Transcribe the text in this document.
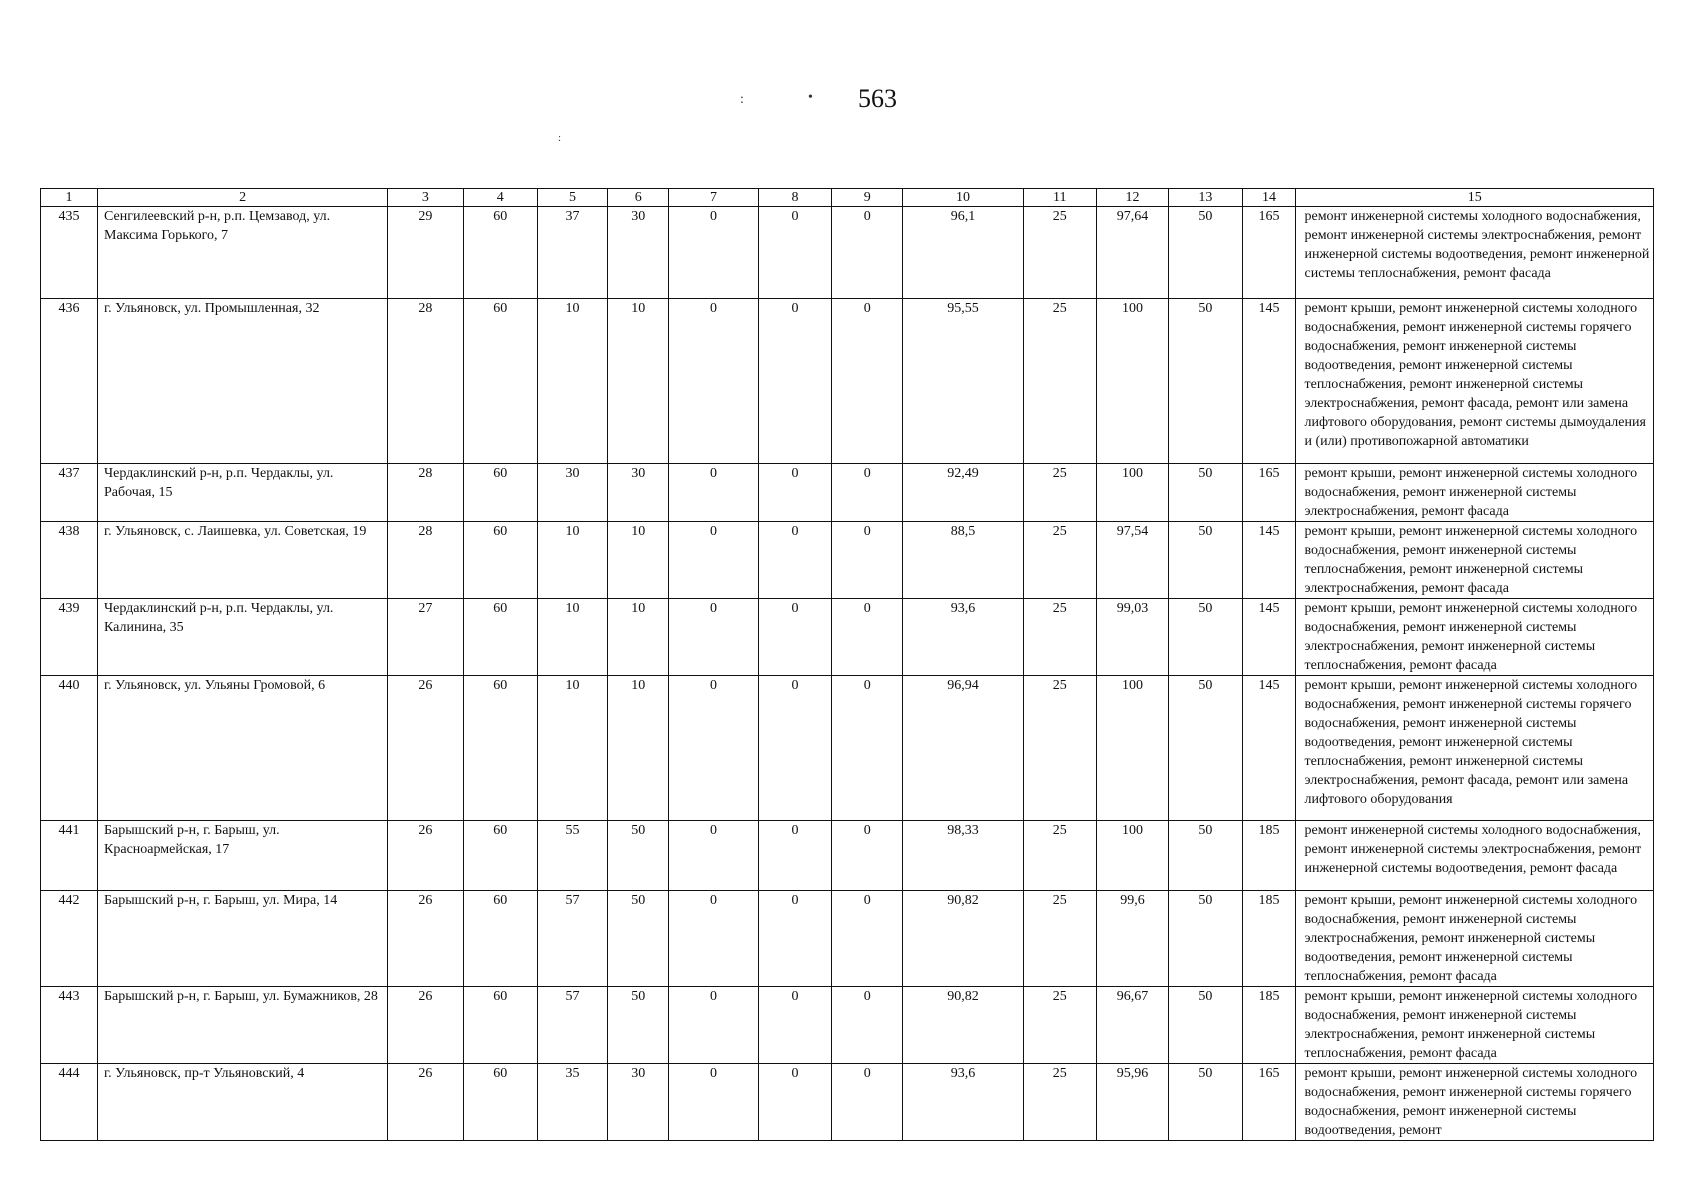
563
:	•
:
1	2	3	4	5	6	7	8	9	10	11	12	13	14	15
435	Сенгилеевский р-н, р.п. Цемзавод, ул. Максима Горького, 7	29	60	37	30	0	0	0	96,1	25	97,64	50	165	ремонт инженерной системы холодного водоснабжения, ремонт инженерной системы электроснабжения, ремонт инженерной системы водоотведения, ремонт инженерной системы теплоснабжения, ремонт фасада
436	г. Ульяновск, ул. Промышленная, 32	28	60	10	10	0	0	0	95,55	25	100	50	145	ремонт крыши, ремонт инженерной системы холодного водоснабжения, ремонт инженерной системы горячего водоснабжения, ремонт инженерной системы водоотведения, ремонт инженерной системы теплоснабжения, ремонт инженерной системы электроснабжения, ремонт фасада, ремонт или замена лифтового оборудования, ремонт системы дымоудаления и (или) противопожарной автоматики
437	Чердаклинский р-н, р.п. Чердаклы, ул. Рабочая, 15	28	60	30	30	0	0	0	92,49	25	100	50	165	ремонт крыши, ремонт инженерной системы холодного водоснабжения, ремонт инженерной системы электроснабжения, ремонт фасада
438	г. Ульяновск, с. Лаишевка, ул. Советская, 19	28	60	10	10	0	0	0	88,5	25	97,54	50	145	ремонт крыши, ремонт инженерной системы холодного водоснабжения, ремонт инженерной системы теплоснабжения, ремонт инженерной системы электроснабжения, ремонт фасада
439	Чердаклинский р-н, р.п. Чердаклы, ул. Калинина, 35	27	60	10	10	0	0	0	93,6	25	99,03	50	145	ремонт крыши, ремонт инженерной системы холодного водоснабжения, ремонт инженерной системы электроснабжения, ремонт инженерной системы теплоснабжения, ремонт фасада
440	г. Ульяновск, ул. Ульяны Громовой, 6	26	60	10	10	0	0	0	96,94	25	100	50	145	ремонт крыши, ремонт инженерной системы холодного водоснабжения, ремонт инженерной системы горячего водоснабжения, ремонт инженерной системы водоотведения, ремонт инженерной системы теплоснабжения, ремонт инженерной системы электроснабжения, ремонт фасада, ремонт или замена лифтового оборудования
441	Барышский р-н, г. Барыш, ул. Красноармейская, 17	26	60	55	50	0	0	0	98,33	25	100	50	185	ремонт инженерной системы холодного водоснабжения, ремонт инженерной системы электроснабжения, ремонт инженерной системы водоотведения, ремонт фасада
442	Барышский р-н, г. Барыш, ул. Мира, 14	26	60	57	50	0	0	0	90,82	25	99,6	50	185	ремонт крыши, ремонт инженерной системы холодного водоснабжения, ремонт инженерной системы электроснабжения, ремонт инженерной системы водоотведения, ремонт инженерной системы теплоснабжения, ремонт фасада
443	Барышский р-н, г. Барыш, ул. Бумажников, 28	26	60	57	50	0	0	0	90,82	25	96,67	50	185	ремонт крыши, ремонт инженерной системы холодного водоснабжения, ремонт инженерной системы электроснабжения, ремонт инженерной системы теплоснабжения, ремонт фасада
444	г. Ульяновск, пр-т Ульяновский, 4	26	60	35	30	0	0	0	93,6	25	95,96	50	165	ремонт крыши, ремонт инженерной системы холодного водоснабжения, ремонт инженерной системы горячего водоснабжения, ремонт инженерной системы водоотведения, ремонт
